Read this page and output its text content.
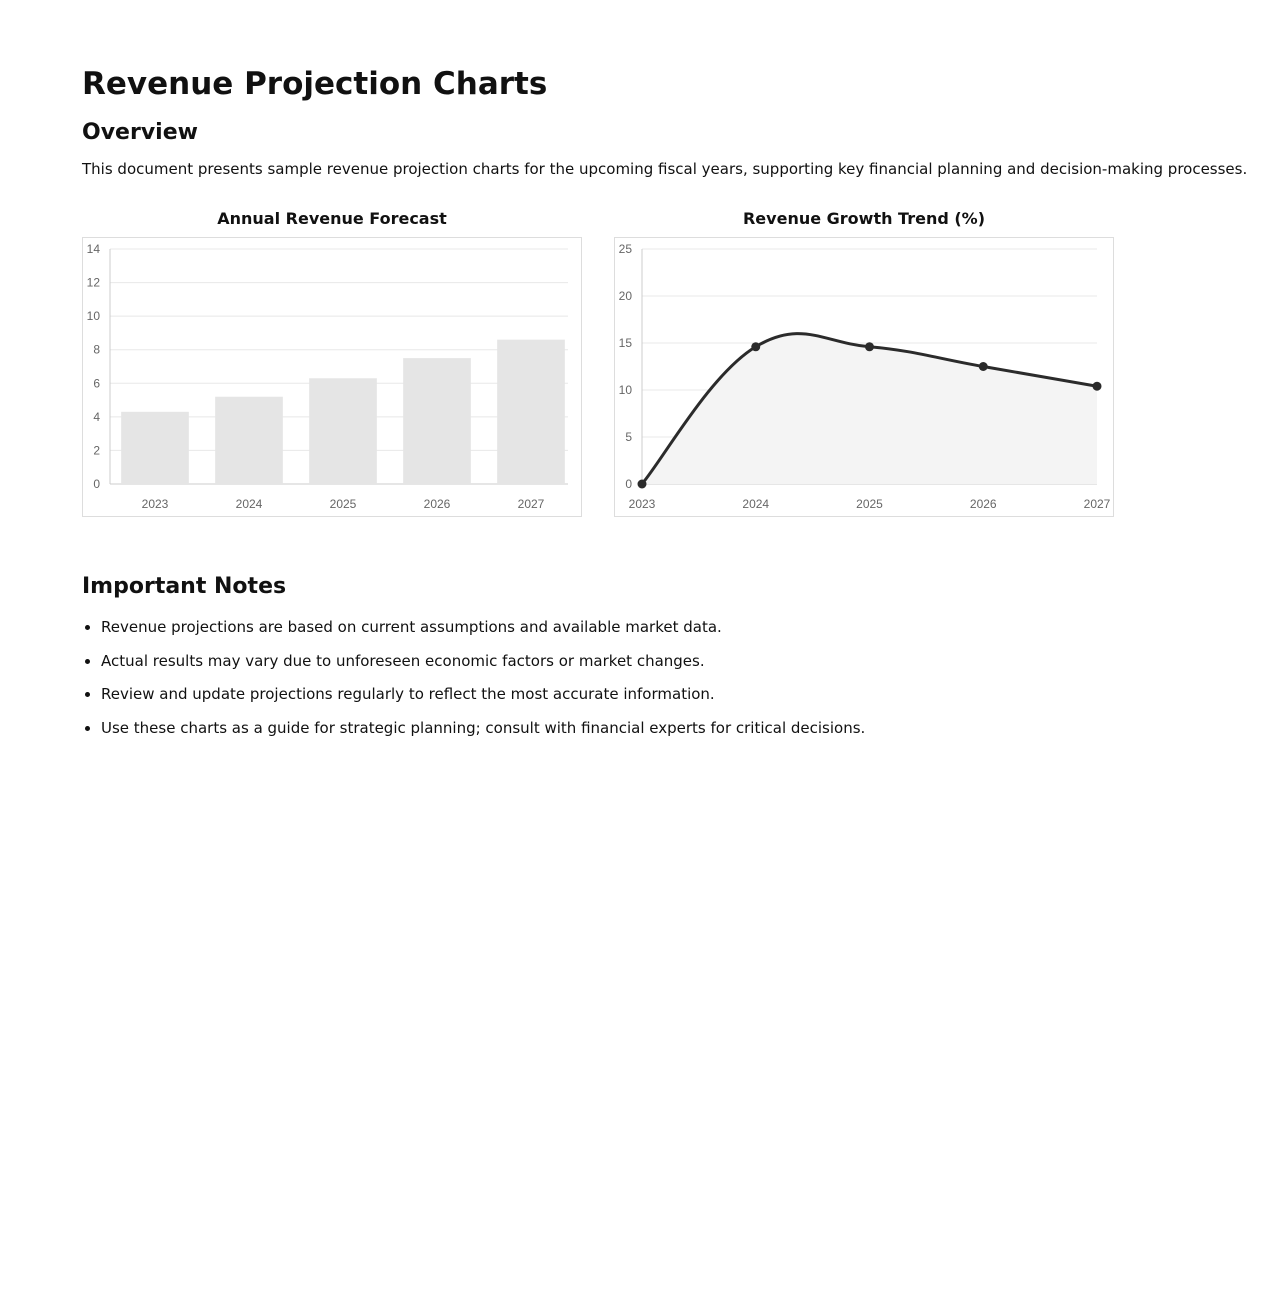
Revenue Projection Charts
Overview

This document presents sample revenue projection charts for the upcoming fiscal years, supporting key financial planning and decision-making processes.

Annual Revenue Forecast
0
2
4
6
8
10
12
14
2023	2024	2025	2026	2027
Revenue Growth Trend (%)
0
5
10
15
20
25
2023	2024	2025	2026	2027
Important Notes
• Revenue projections are based on current assumptions and available market data.
• Actual results may vary due to unforeseen economic factors or market changes.
• Review and update projections regularly to reflect the most accurate information.
• Use these charts as a guide for strategic planning; consult with financial experts for critical decisions.
